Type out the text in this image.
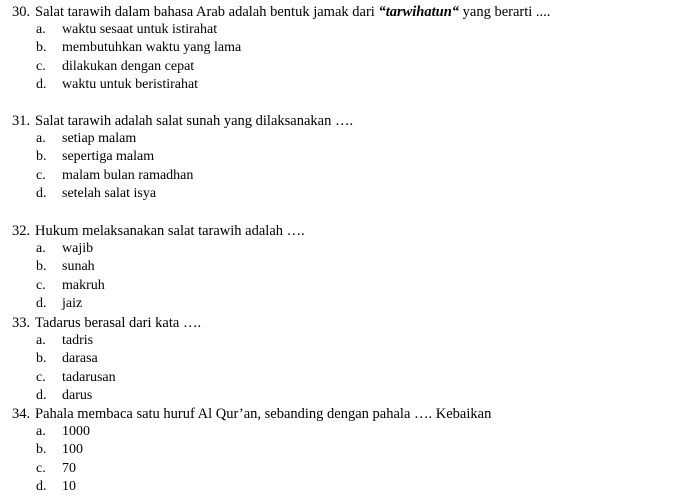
30. Salat tarawih dalam bahasa Arab adalah bentuk jamak dari “tarwihatun“ yang berarti ....
a. waktu sesaat untuk istirahat
b. membutuhkan waktu yang lama
c. dilakukan dengan cepat
d. waktu untuk beristirahat
31. Salat tarawih adalah salat sunah yang dilaksanakan ….
a. setiap malam
b. sepertiga malam
c. malam bulan ramadhan
d. setelah salat isya
32. Hukum melaksanakan salat tarawih adalah ….
a. wajib
b. sunah
c. makruh
d. jaiz
33. Tadarus berasal dari kata ….
a. tadris
b. darasa
c. tadarusan
d. darus
34. Pahala membaca satu huruf Al Qur’an, sebanding dengan pahala …. Kebaikan
a. 1000
b. 100
c. 70
d. 10
